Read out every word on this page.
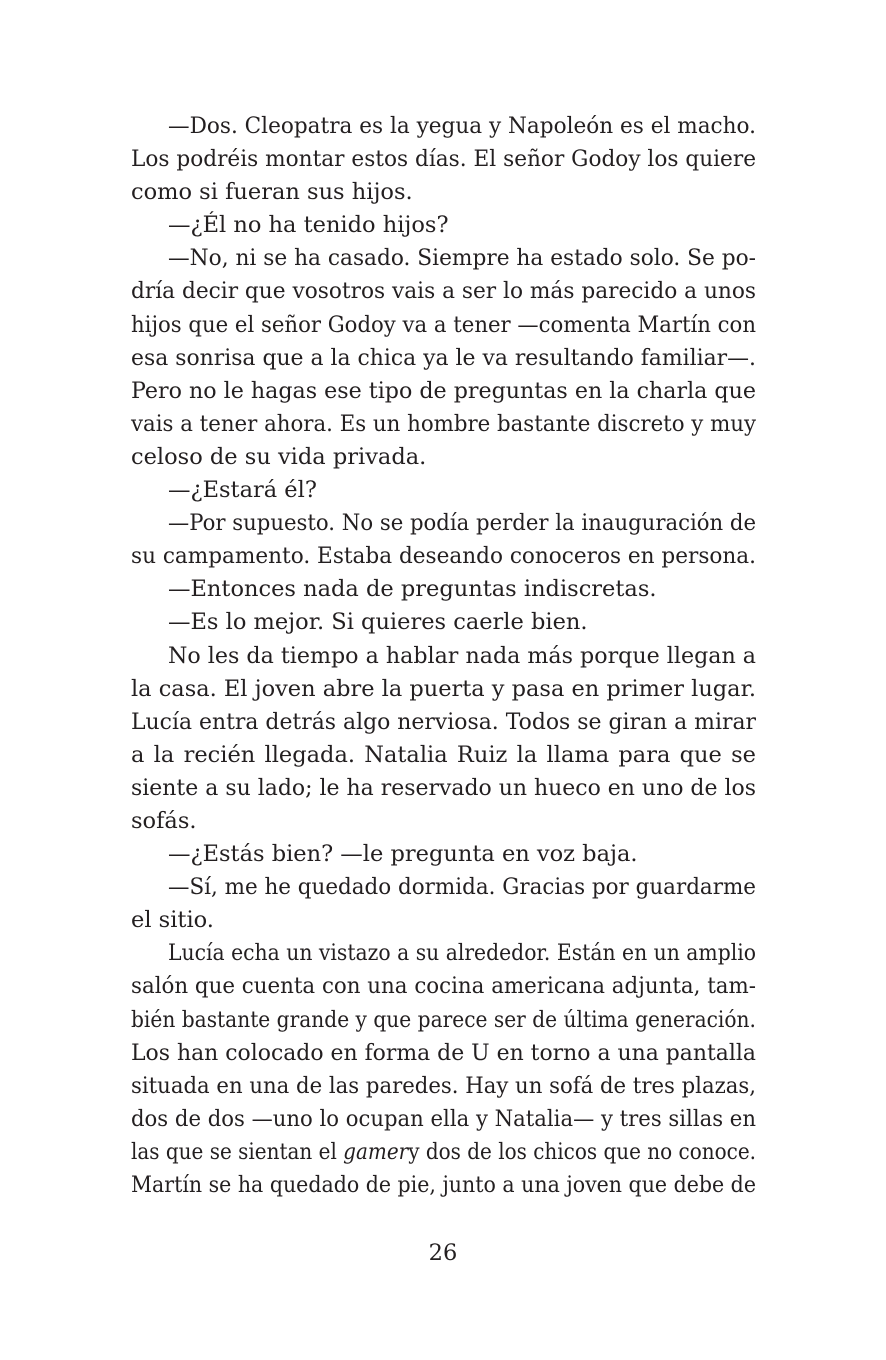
—Dos. Cleopatra es la yegua y Napoleón es el macho.
Los podréis montar estos días. El señor Godoy los quiere
como si fueran sus hijos.
—¿Él no ha tenido hijos?
—No, ni se ha casado. Siempre ha estado solo. Se po-
dría decir que vosotros vais a ser lo más parecido a unos
hijos que el señor Godoy va a tener —comenta Martín con
esa sonrisa que a la chica ya le va resultando familiar—.
Pero no le hagas ese tipo de preguntas en la charla que
vais a tener ahora. Es un hombre bastante discreto y muy
celoso de su vida privada.
—¿Estará él?
—Por supuesto. No se podía perder la inauguración de
su campamento. Estaba deseando conoceros en persona.
—Entonces nada de preguntas indiscretas.
—Es lo mejor. Si quieres caerle bien.
No les da tiempo a hablar nada más porque llegan a
la casa. El joven abre la puerta y pasa en primer lugar.
Lucía entra detrás algo nerviosa. Todos se giran a mirar
a la recién llegada. Natalia Ruiz la llama para que se
siente a su lado; le ha reservado un hueco en uno de los
sofás.
—¿Estás bien? —le pregunta en voz baja.
—Sí, me he quedado dormida. Gracias por guardarme
el sitio.
Lucía echa un vistazo a su alrededor. Están en un amplio
salón que cuenta con una cocina americana adjunta, tam-
bién bastante grande y que parece ser de última generación.
Los han colocado en forma de U en torno a una pantalla
situada en una de las paredes. Hay un sofá de tres plazas,
dos de dos —uno lo ocupan ella y Natalia— y tres sillas en
las que se sientan el gamery dos de los chicos que no conoce.
Martín se ha quedado de pie, junto a una joven que debe de
26
